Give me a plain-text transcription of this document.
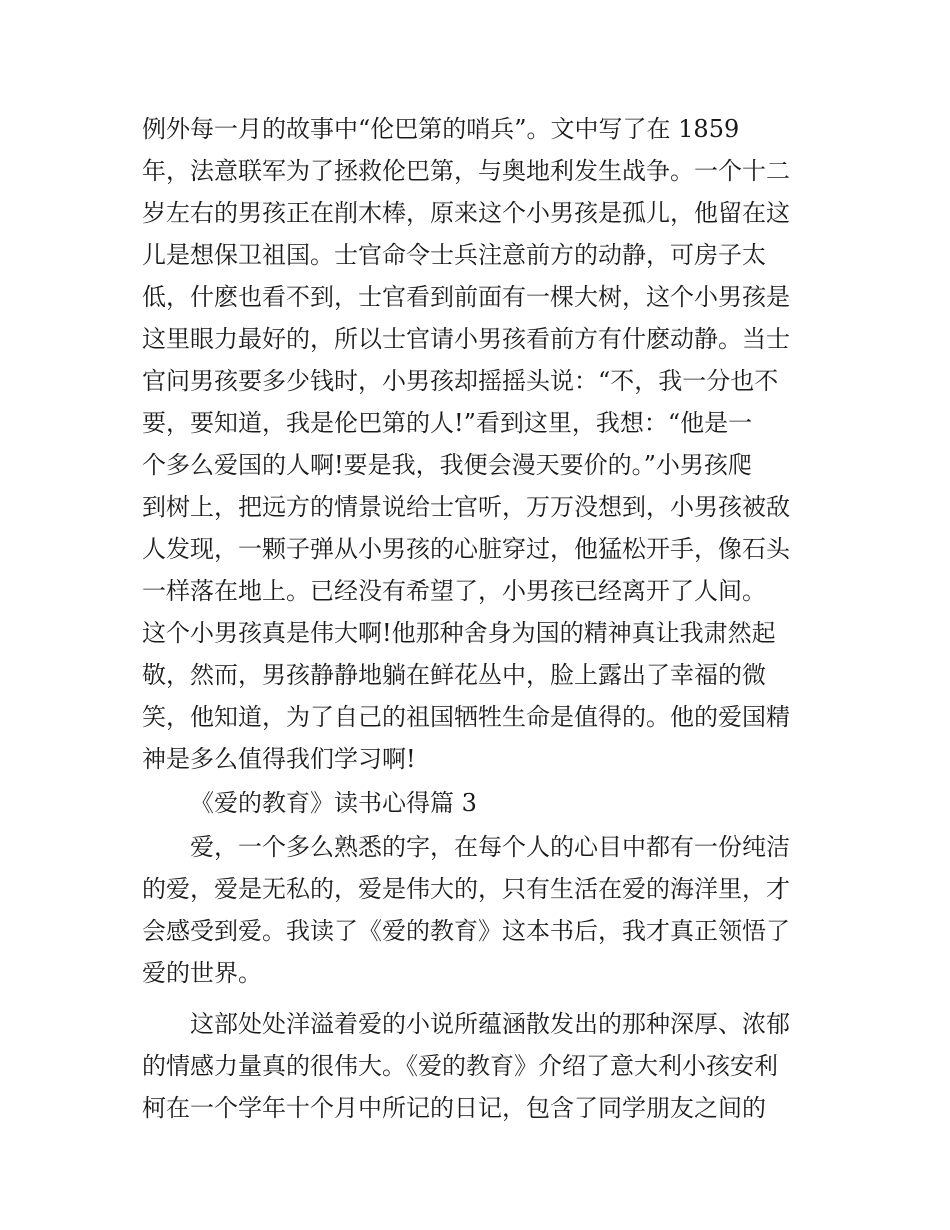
例外每一月的故事中“伦巴第的哨兵”。文中写了在 1859
年，法意联军为了拯救伦巴第，与奥地利发生战争。一个十二
岁左右的男孩正在削木棒，原来这个小男孩是孤儿，他留在这
儿是想保卫祖国。士官命令士兵注意前方的动静，可房子太
低，什麽也看不到，士官看到前面有一棵大树，这个小男孩是
这里眼力最好的，所以士官请小男孩看前方有什麽动静。当士
官问男孩要多少钱时，小男孩却摇摇头说：“不，我一分也不
要，要知道，我是伦巴第的人!”看到这里，我想：“他是一
个多么爱国的人啊!要是我，我便会漫天要价的。”小男孩爬
到树上，把远方的情景说给士官听，万万没想到，小男孩被敌
人发现，一颗子弹从小男孩的心脏穿过，他猛松开手，像石头
一样落在地上。已经没有希望了，小男孩已经离开了人间。
这个小男孩真是伟大啊!他那种舍身为国的精神真让我肃然起
敬，然而，男孩静静地躺在鲜花丛中，脸上露出了幸福的微
笑，他知道，为了自己的祖国牺牲生命是值得的。他的爱国精
神是多么值得我们学习啊!
《爱的教育》读书心得篇 3
爱，一个多么熟悉的字，在每个人的心目中都有一份纯洁
的爱，爱是无私的，爱是伟大的，只有生活在爱的海洋里，才
会感受到爱。我读了《爱的教育》这本书后，我才真正领悟了
爱的世界。
这部处处洋溢着爱的小说所蕴涵散发出的那种深厚、浓郁
的情感力量真的很伟大。《爱的教育》介绍了意大利小孩安利
柯在一个学年十个月中所记的日记，包含了同学朋友之间的
